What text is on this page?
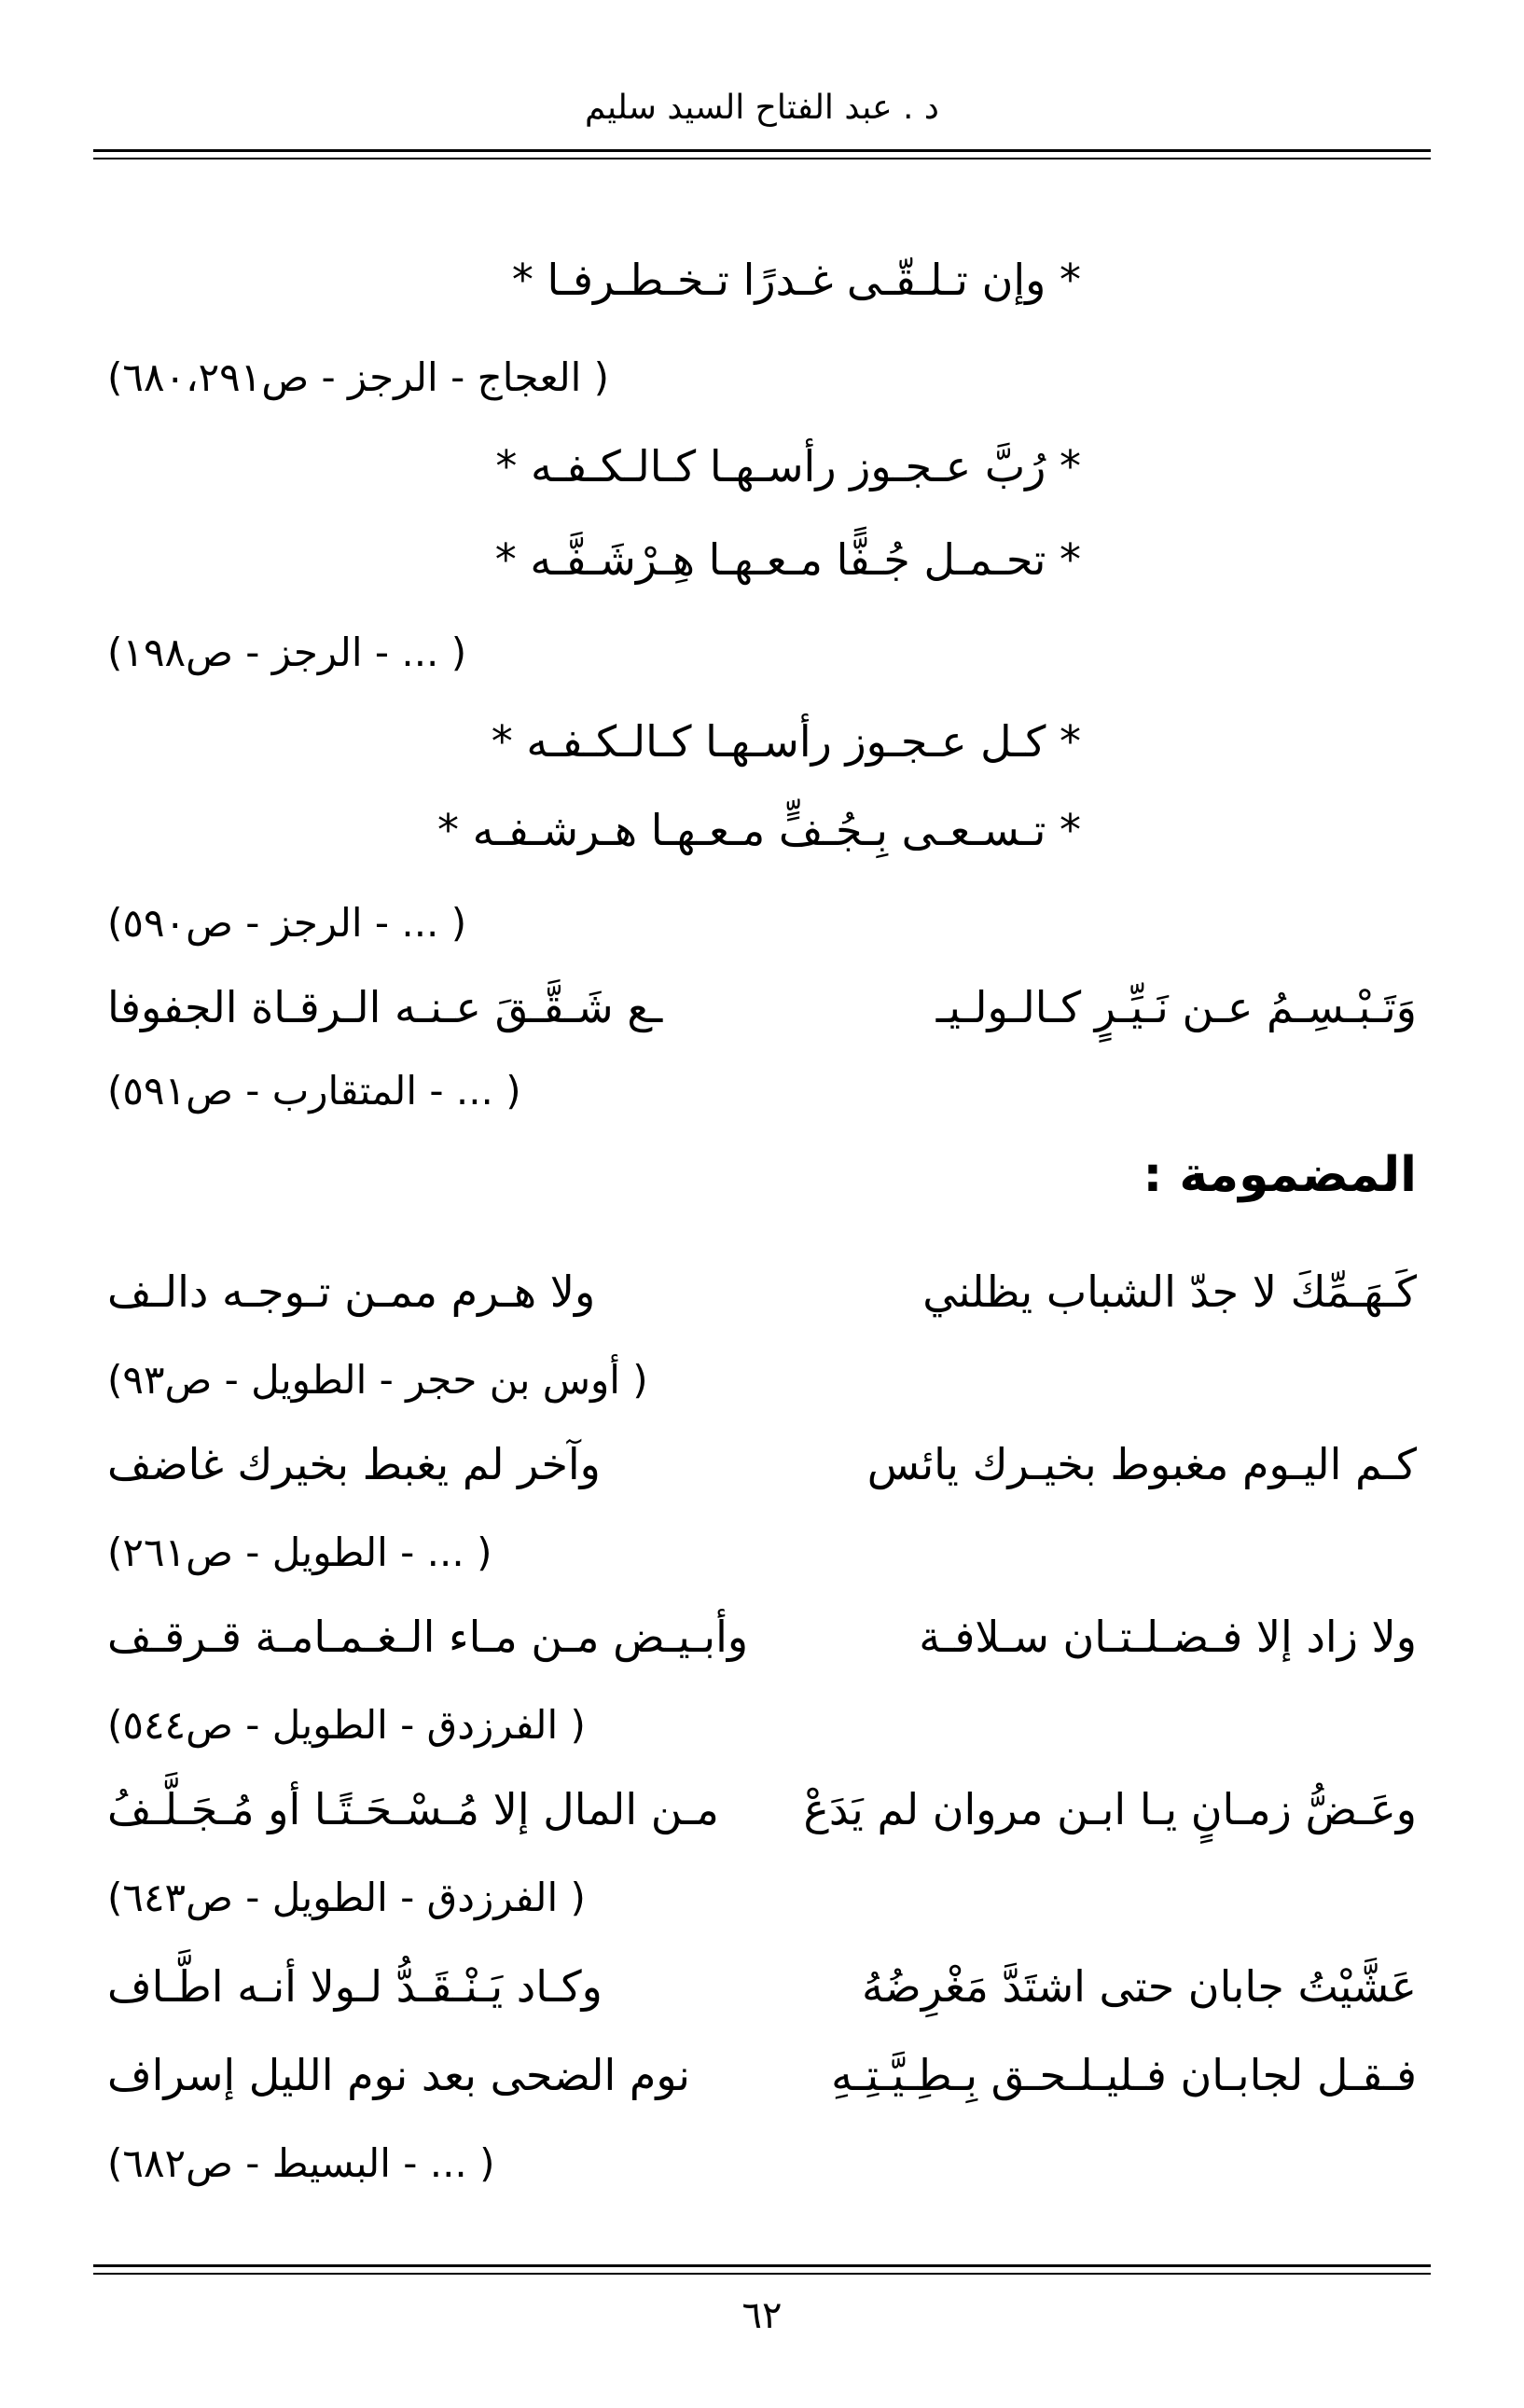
د . عبد الفتاح السيد سليم
* وإن تـلـقّـى غـدرًا تـخـطـرفـا *
( العجاج - الرجز - ص٦٨٠،٢٩١)
* رُبَّ عـجـوز رأسـهـا كـالـكـفـه *
* تحـمـل جُـفًّا مـعـهـا هِـرْشَـفَّـه *
( ... - الرجز - ص١٩٨)
* كـل عـجـوز رأسـهـا كـالـكـفـه *
* تـسـعـى بِـجُـفٍّ مـعـهـا هـرشـفـه *
( ... - الرجز - ص٥٩٠)
وَتَـبْـسِـمُ عـن نَـيِّـرٍ كـالـولـيـ
ـع شَـقَّـقَ عـنـه الـرقـاة الجفوفا
( ... - المتقارب - ص٥٩١)
المضمومة :
كَـهَـمِّكَ لا جدّ الشباب يظلني
ولا هـرم ممـن تـوجـه دالـف
( أوس بن حجر - الطويل - ص٩٣)
كـم اليـوم مغبوط بخيـرك يائس
وآخر لم يغبط بخيرك غاضف
( ... - الطويل - ص٢٦١)
ولا زاد إلا فـضـلـتـان سـلافـة
وأبـيـض مـن مـاء الـغـمـامـة قـرقـف
( الفرزدق - الطويل - ص٥٤٤)
وعَـضُّ زمـانٍ يـا ابـن مروان لم يَدَعْ
مـن المال إلا مُـسْـحَـتًـا أو مُـجَـلَّـفُ
( الفرزدق - الطويل - ص٦٤٣)
عَشَّيْتُ جابان حتى اشتَدَّ مَغْرِضُهُ
وكـاد يَـنْـقَـدُّ لـولا أنـه اطَّـاف
فـقـل لجابـان فـليـلـحـق بِـطِـيَّـتِـهِ
نوم الضحى بعد نوم الليل إسراف
( ... - البسيط - ص٦٨٢)
٦٢
